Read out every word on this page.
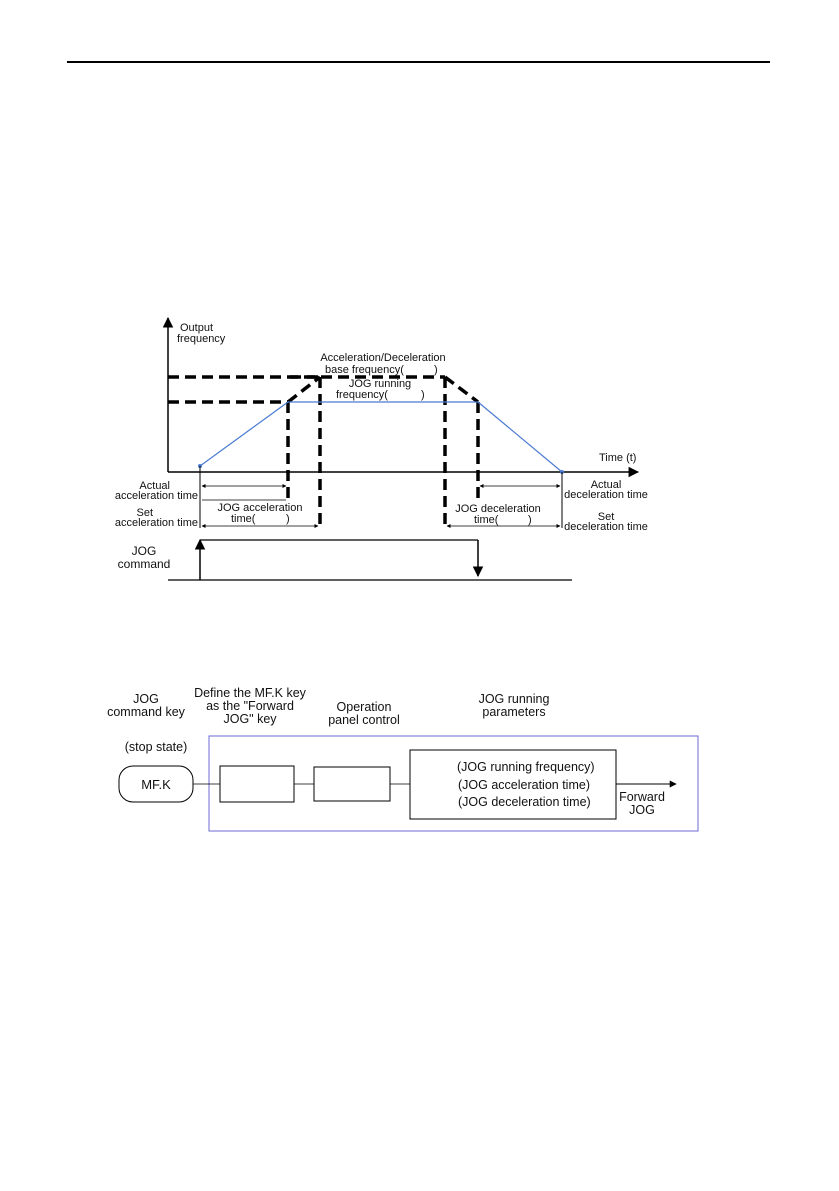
Output
frequency
Time (t)
Acceleration/Deceleration
base frequency(	)
JOG running
frequency(	)
Actual
acceleration time
Set
acceleration time
JOG acceleration
time(	)
JOG deceleration
time(	)
Actual
deceleration time
Set
deceleration time
JOG
command
JOG
command key
Define the MF.K key
as the "Forward
JOG" key
Operation
panel control
JOG running
parameters
(stop state)
MF.K
(JOG running frequency)
(JOG acceleration time)
(JOG deceleration time) Forward
JOG
